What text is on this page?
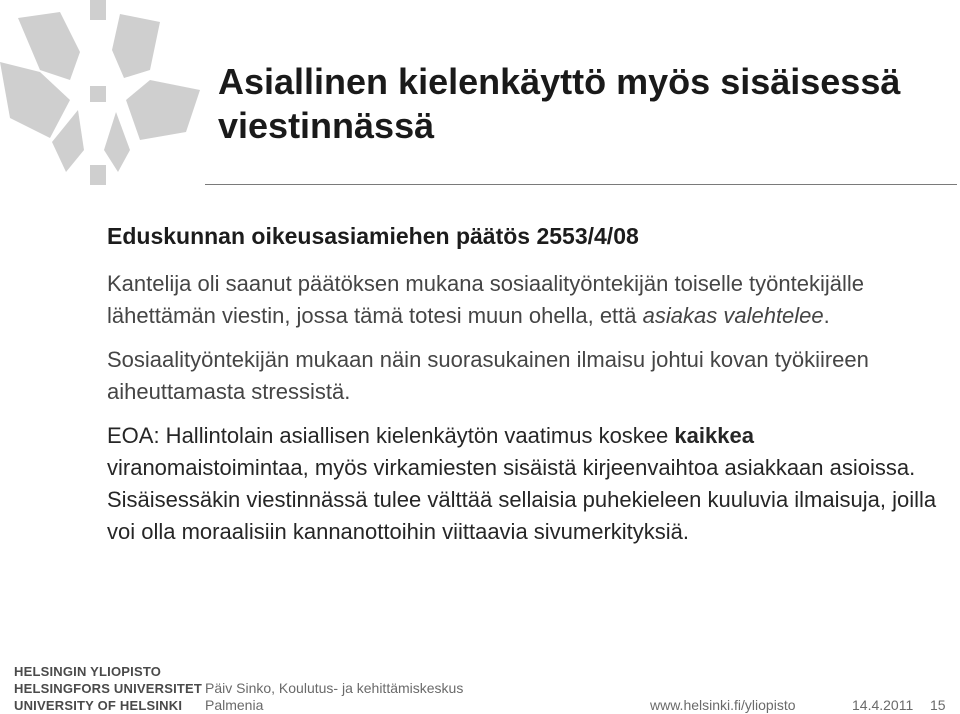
Asiallinen kielenkäyttö myös sisäisessä viestinnässä

Eduskunnan oikeusasiamiehen päätös 2553/4/08

Kantelija oli saanut päätöksen mukana sosiaalityöntekijän toiselle työntekijälle lähettämän viestin, jossa tämä totesi muun ohella, että asiakas valehtelee.

Sosiaalityöntekijän mukaan näin suorasukainen ilmaisu johtui kovan työkiireen aiheuttamasta stressistä.

EOA: Hallintolain asiallisen kielenkäytön vaatimus koskee kaikkea viranomaistoimintaa, myös virkamiesten sisäistä kirjeenvaihtoa asiakkaan asioissa. Sisäisessäkin viestinnässä tulee välttää sellaisia puhekieleen kuuluvia ilmaisuja, joilla voi olla moraalisiin kannanottoihin viittaavia sivumerkityksiä.

HELSINGIN YLIOPISTO
HELSINGFORS UNIVERSITET
UNIVERSITY OF HELSINKI
Päiv Sinko, Koulutus- ja kehittämiskeskus
Palmenia	www.helsinki.fi/yliopisto	14.4.2011 15
